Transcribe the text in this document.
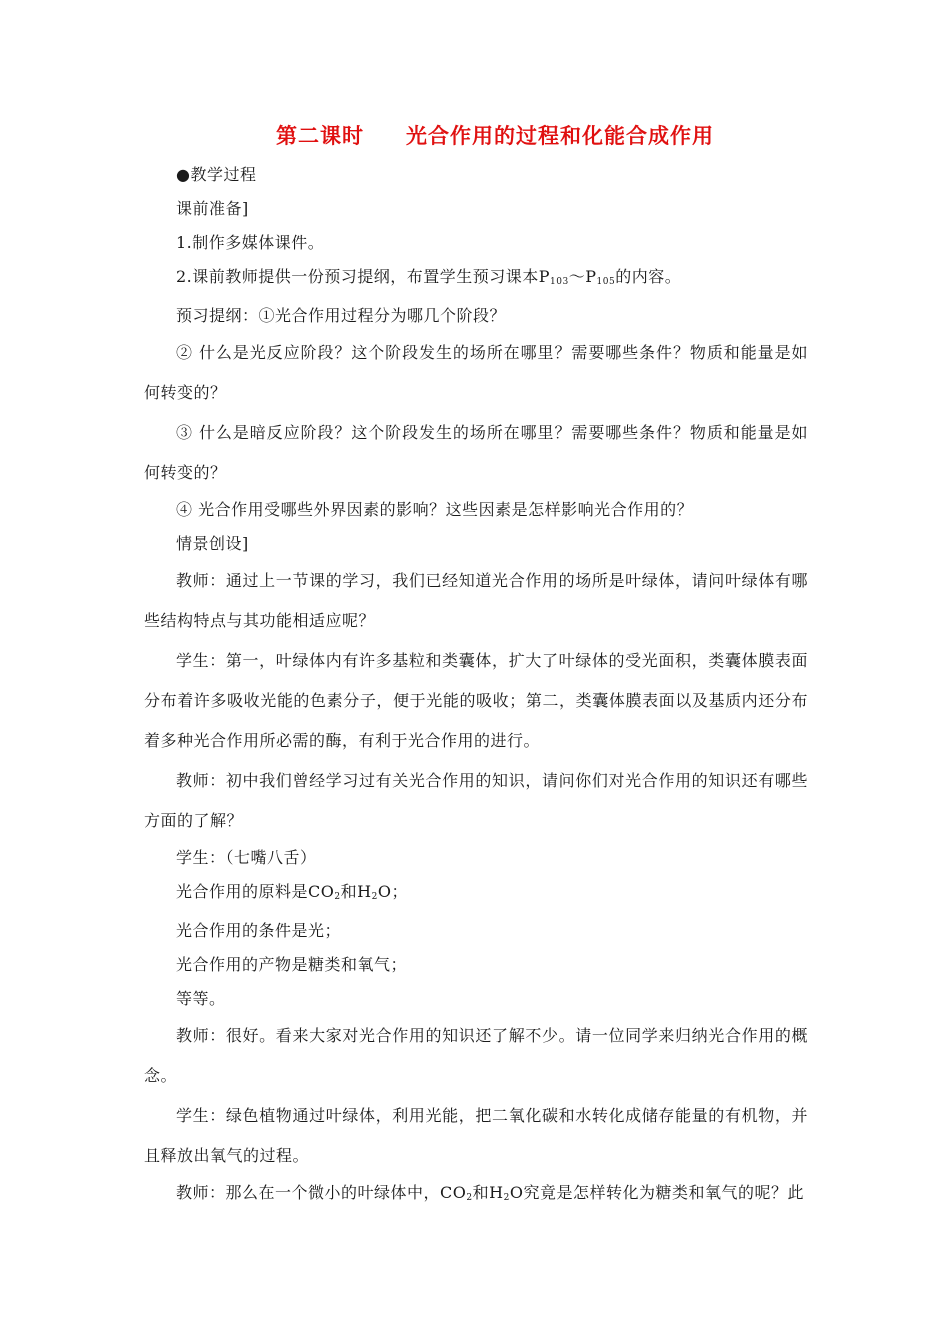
第二课时 光合作用的过程和化能合成作用

●教学过程

课前准备]

1.制作多媒体课件。

2.课前教师提供一份预习提纲，布置学生预习课本$P_{103}\sim P_{105}$的内容。

预习提纲：①光合作用过程分为哪几个阶段？

② 什么是光反应阶段？这个阶段发生的场所在哪里？需要哪些条件？物质和能量是如何转变的？

③ 什么是暗反应阶段？这个阶段发生的场所在哪里？需要哪些条件？物质和能量是如何转变的？

④ 光合作用受哪些外界因素的影响？这些因素是怎样影响光合作用的？

情景创设]

教师：通过上一节课的学习，我们已经知道光合作用的场所是叶绿体，请问叶绿体有哪些结构特点与其功能相适应呢？

学生：第一，叶绿体内有许多基粒和类囊体，扩大了叶绿体的受光面积，类囊体膜表面分布着许多吸收光能的色素分子，便于光能的吸收；第二，类囊体膜表面以及基质内还分布着多种光合作用所必需的酶，有利于光合作用的进行。

教师：初中我们曾经学习过有关光合作用的知识，请问你们对光合作用的知识还有哪些方面的了解？

学生：（七嘴八舌）

光合作用的原料是$CO_2$和$H_2O$；

光合作用的条件是光；

光合作用的产物是糖类和氧气；

等等。

教师：很好。看来大家对光合作用的知识还了解不少。请一位同学来归纳光合作用的概念。

学生：绿色植物通过叶绿体，利用光能，把二氧化碳和水转化成储存能量的有机物，并且释放出氧气的过程。

教师：那么在一个微小的叶绿体中，$CO_2$和$H_2O$究竟是怎样转化为糖类和氧气的呢？此
